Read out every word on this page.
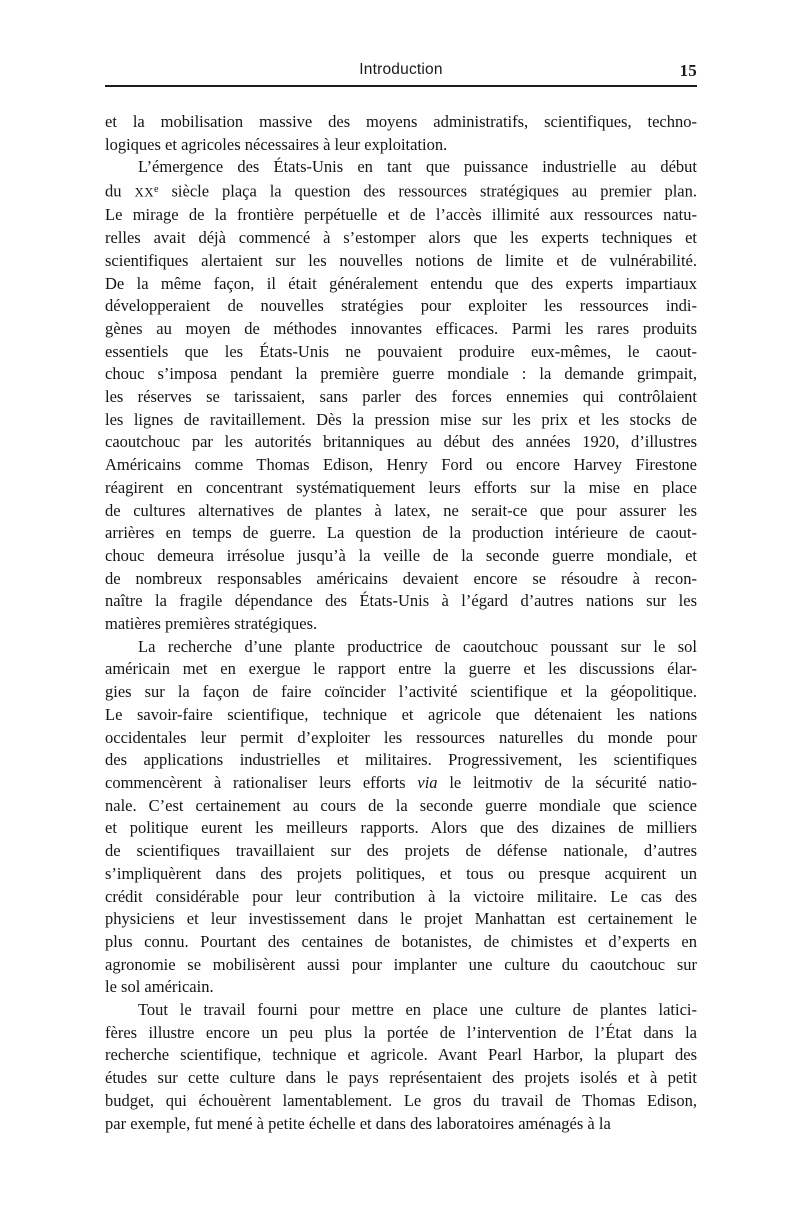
Introduction	15
et la mobilisation massive des moyens administratifs, scientifiques, techno-
logiques et agricoles nécessaires à leur exploitation.
L’émergence des États-Unis en tant que puissance industrielle au début
du XXe siècle plaça la question des ressources stratégiques au premier plan.
Le mirage de la frontière perpétuelle et de l’accès illimité aux ressources natu-
relles avait déjà commencé à s’estomper alors que les experts techniques et
scientifiques alertaient sur les nouvelles notions de limite et de vulnérabilité.
De la même façon, il était généralement entendu que des experts impartiaux
développeraient de nouvelles stratégies pour exploiter les ressources indi-
gènes au moyen de méthodes innovantes efficaces. Parmi les rares produits
essentiels que les États-Unis ne pouvaient produire eux-mêmes, le caout-
chouc s’imposa pendant la première guerre mondiale : la demande grimpait,
les réserves se tarissaient, sans parler des forces ennemies qui contrôlaient
les lignes de ravitaillement. Dès la pression mise sur les prix et les stocks de
caoutchouc par les autorités britanniques au début des années 1920, d’illustres
Américains comme Thomas Edison, Henry Ford ou encore Harvey Firestone
réagirent en concentrant systématiquement leurs efforts sur la mise en place
de cultures alternatives de plantes à latex, ne serait-ce que pour assurer les
arrières en temps de guerre. La question de la production intérieure de caout-
chouc demeura irrésolue jusqu’à la veille de la seconde guerre mondiale, et
de nombreux responsables américains devaient encore se résoudre à recon-
naître la fragile dépendance des États-Unis à l’égard d’autres nations sur les
matières premières stratégiques.
La recherche d’une plante productrice de caoutchouc poussant sur le sol
américain met en exergue le rapport entre la guerre et les discussions élar-
gies sur la façon de faire coïncider l’activité scientifique et la géopolitique.
Le savoir-faire scientifique, technique et agricole que détenaient les nations
occidentales leur permit d’exploiter les ressources naturelles du monde pour
des applications industrielles et militaires. Progressivement, les scientifiques
commencèrent à rationaliser leurs efforts via le leitmotiv de la sécurité natio-
nale. C’est certainement au cours de la seconde guerre mondiale que science
et politique eurent les meilleurs rapports. Alors que des dizaines de milliers
de scientifiques travaillaient sur des projets de défense nationale, d’autres
s’impliquèrent dans des projets politiques, et tous ou presque acquirent un
crédit considérable pour leur contribution à la victoire militaire. Le cas des
physiciens et leur investissement dans le projet Manhattan est certainement le
plus connu. Pourtant des centaines de botanistes, de chimistes et d’experts en
agronomie se mobilisèrent aussi pour implanter une culture du caoutchouc sur
le sol américain.
Tout le travail fourni pour mettre en place une culture de plantes latici-
fères illustre encore un peu plus la portée de l’intervention de l’État dans la
recherche scientifique, technique et agricole. Avant Pearl Harbor, la plupart des
études sur cette culture dans le pays représentaient des projets isolés et à petit
budget, qui échouèrent lamentablement. Le gros du travail de Thomas Edison,
par exemple, fut mené à petite échelle et dans des laboratoires aménagés à la
